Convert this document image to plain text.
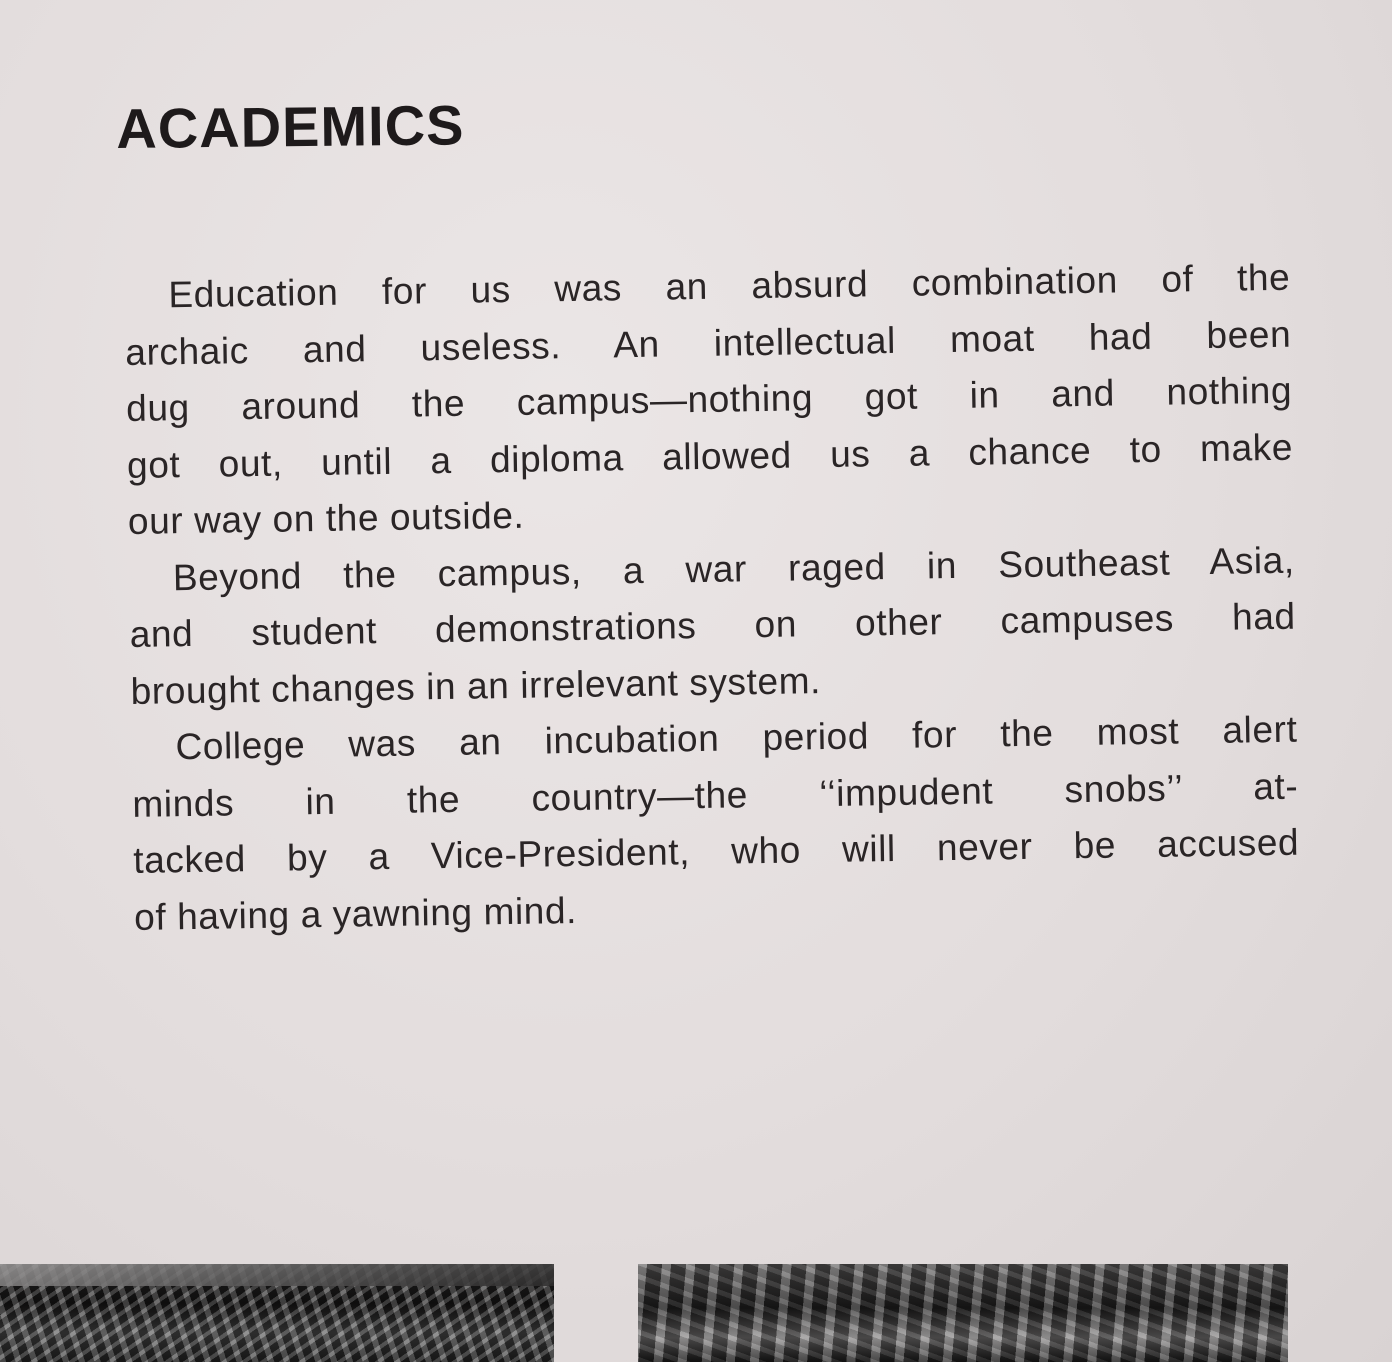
ACADEMICS
Education for us was an absurd combination of the
archaic and useless. An intellectual moat had been
dug around the campus—nothing got in and nothing
got out, until a diploma allowed us a chance to make
our way on the outside.
Beyond the campus, a war raged in Southeast Asia,
and student demonstrations on other campuses had
brought changes in an irrelevant system.
College was an incubation period for the most alert
minds in the country—the ‘‘impudent snobs’’ at-
tacked by a Vice-President, who will never be accused
of having a yawning mind.
